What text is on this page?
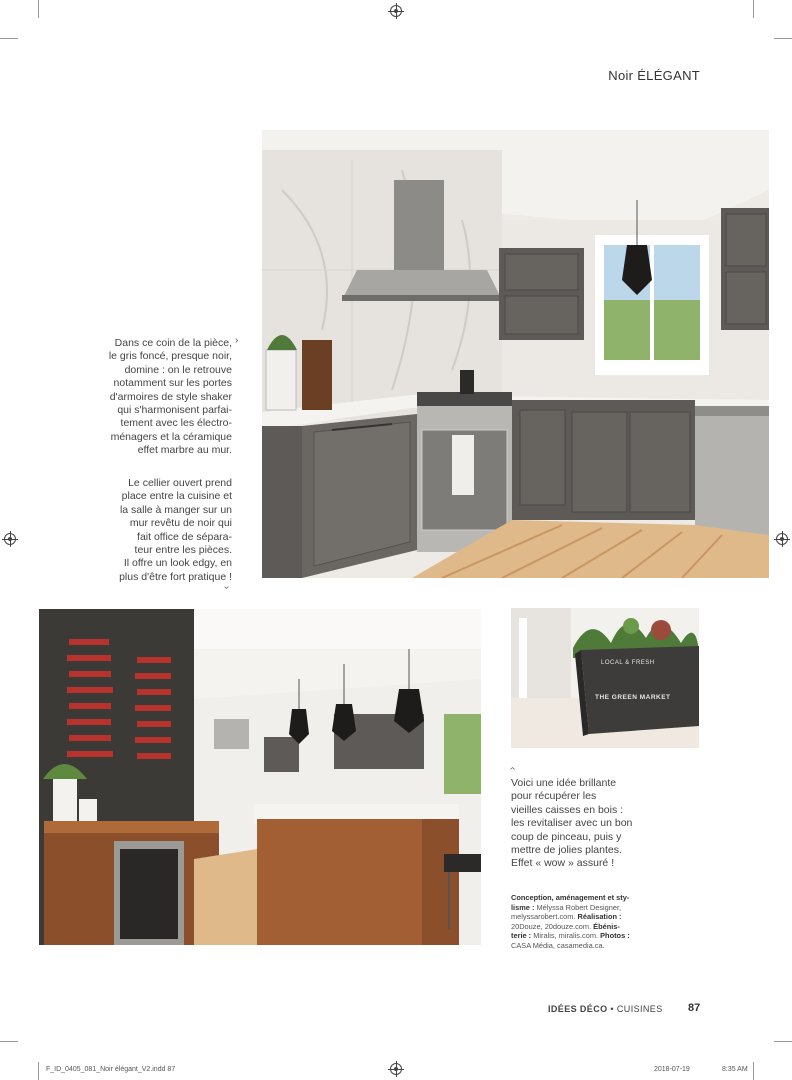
Noir ÉLÉGANT
›

Dans ce coin de la pièce,

le gris foncé, presque noir,

domine : on le retrouve

notamment sur les portes

d'armoires de style shaker

qui s'harmonisent parfai-

tement avec les électro-

ménagers et la céramique

effet marbre au mur.

Le cellier ouvert prend

place entre la cuisine et

la salle à manger sur un

mur revêtu de noir qui

fait office de sépara-

teur entre les pièces.

Il offre un look edgy, en

plus d'être fort pratique !

›
LOCAL & FRESH
THE GREEN MARKET
›

Voici une idée brillante

pour récupérer les

vieilles caisses en bois :

les revitaliser avec un bon

coup de pinceau, puis y

mettre de jolies plantes.

Effet « wow » assuré !

Conception, aménagement et sty-
lisme : Mélyssa Robert Designer,
melyssarobert.com. Réalisation :
20Douze, 20douze.com. Ébénis-
terie : Miralis, miralis.com. Photos :
CASA Média, casamedia.ca.
IDÉES DÉCO • CUISINES 87
F_ID_0405_081_Noir élégant_V2.indd 87	2018-07-19	8:35 AM
